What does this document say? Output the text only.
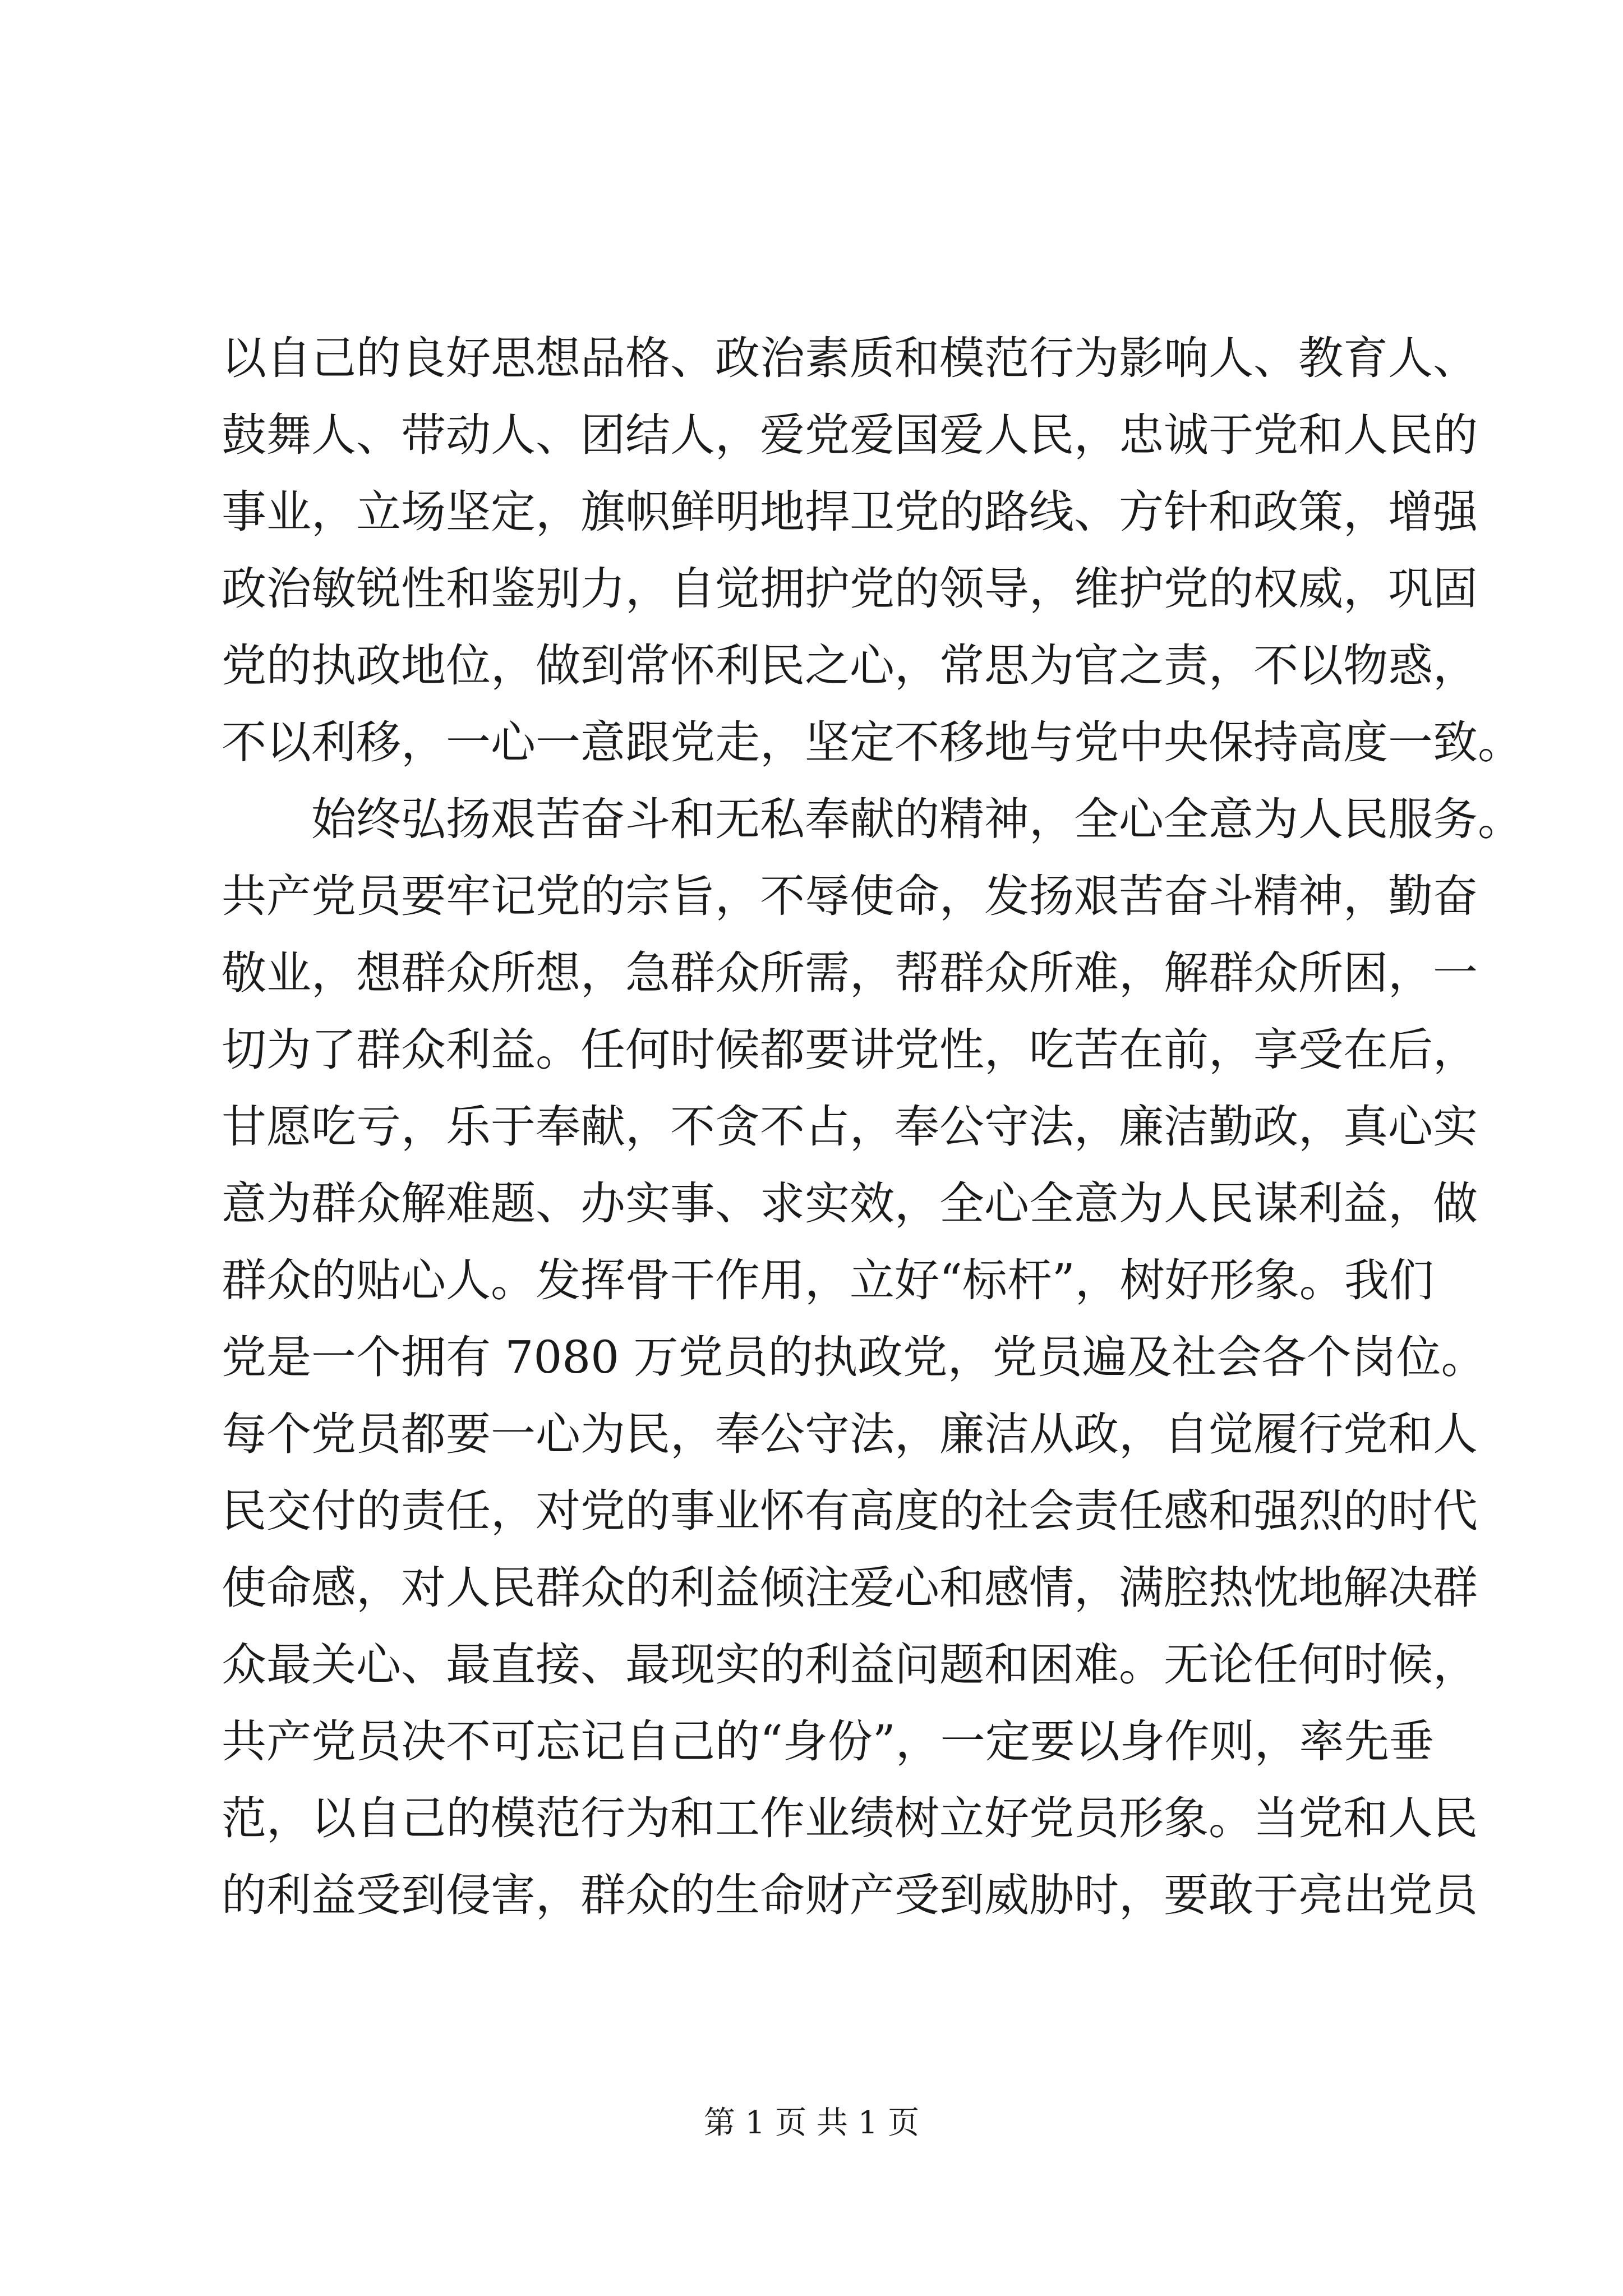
以自己的良好思想品格、政治素质和模范行为影响人、教育人、
鼓舞人、带动人、团结人，爱党爱国爱人民，忠诚于党和人民的
事业，立场坚定，旗帜鲜明地捍卫党的路线、方针和政策，增强
政治敏锐性和鉴别力，自觉拥护党的领导，维护党的权威，巩固
党的执政地位，做到常怀利民之心，常思为官之责，不以物惑，
不以利移，一心一意跟党走，坚定不移地与党中央保持高度一致。
始终弘扬艰苦奋斗和无私奉献的精神，全心全意为人民服务。
共产党员要牢记党的宗旨，不辱使命，发扬艰苦奋斗精神，勤奋
敬业，想群众所想，急群众所需，帮群众所难，解群众所困，一
切为了群众利益。任何时候都要讲党性，吃苦在前，享受在后，
甘愿吃亏，乐于奉献，不贪不占，奉公守法，廉洁勤政，真心实
意为群众解难题、办实事、求实效，全心全意为人民谋利益，做
群众的贴心人。发挥骨干作用，立好“标杆”，树好形象。我们
党是一个拥有 7080 万党员的执政党，党员遍及社会各个岗位。
每个党员都要一心为民，奉公守法，廉洁从政，自觉履行党和人
民交付的责任，对党的事业怀有高度的社会责任感和强烈的时代
使命感，对人民群众的利益倾注爱心和感情，满腔热忱地解决群
众最关心、最直接、最现实的利益问题和困难。无论任何时候，
共产党员决不可忘记自己的“身份”，一定要以身作则，率先垂
范，以自己的模范行为和工作业绩树立好党员形象。当党和人民
的利益受到侵害，群众的生命财产受到威胁时，要敢于亮出党员
第 1 页 共 1 页
